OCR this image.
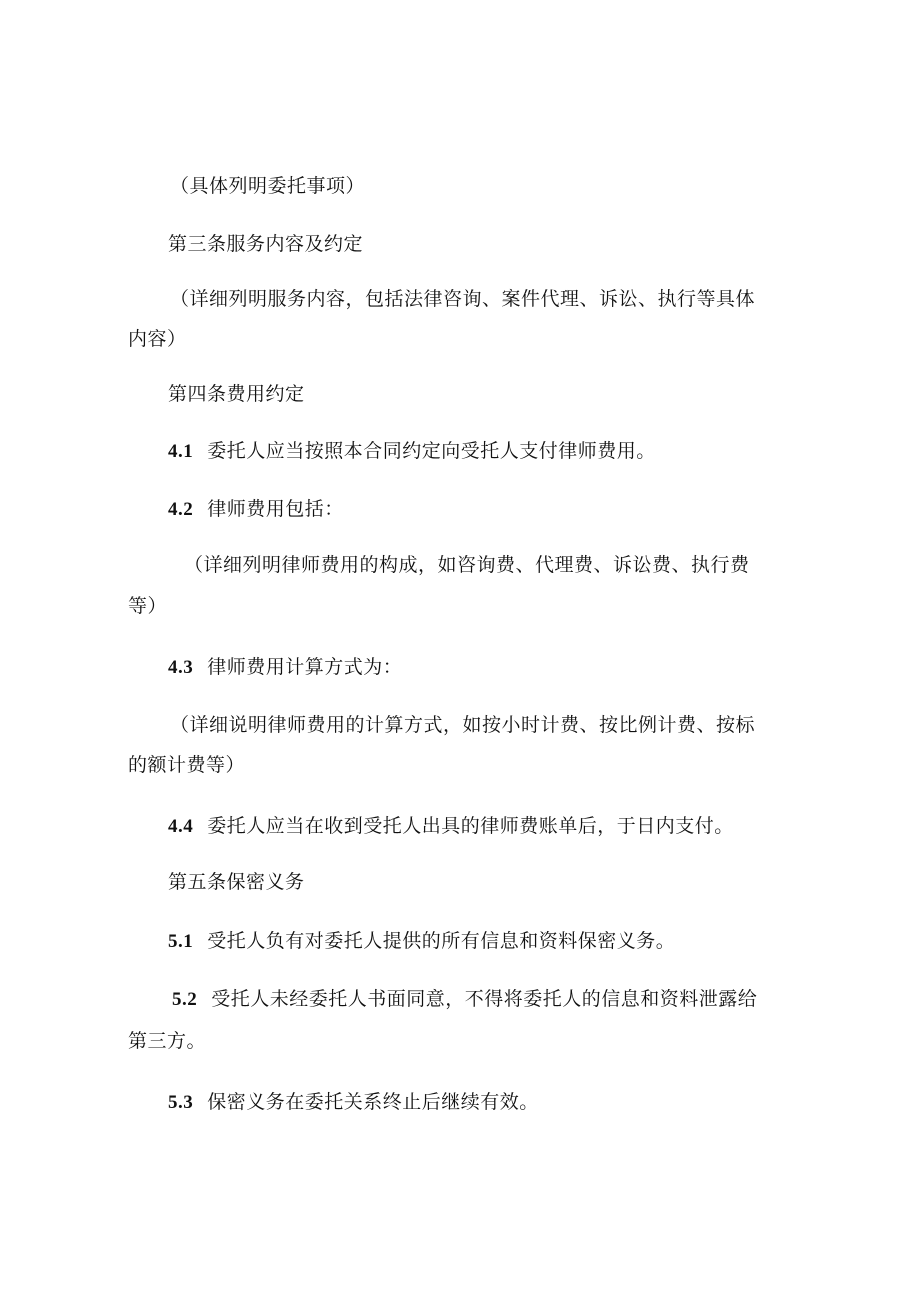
（具体列明委托事项）
第三条服务内容及约定
（详细列明服务内容，包括法律咨询、案件代理、诉讼、执行等具体
内容）
第四条费用约定
4.1 委托人应当按照本合同约定向受托人支付律师费用。
4.2 律师费用包括：
（详细列明律师费用的构成，如咨询费、代理费、诉讼费、执行费
等）
4.3 律师费用计算方式为：
（详细说明律师费用的计算方式，如按小时计费、按比例计费、按标
的额计费等）
4.4 委托人应当在收到受托人出具的律师费账单后，于日内支付。
第五条保密义务
5.1 受托人负有对委托人提供的所有信息和资料保密义务。
5.2 受托人未经委托人书面同意，不得将委托人的信息和资料泄露给
第三方。
5.3 保密义务在委托关系终止后继续有效。
